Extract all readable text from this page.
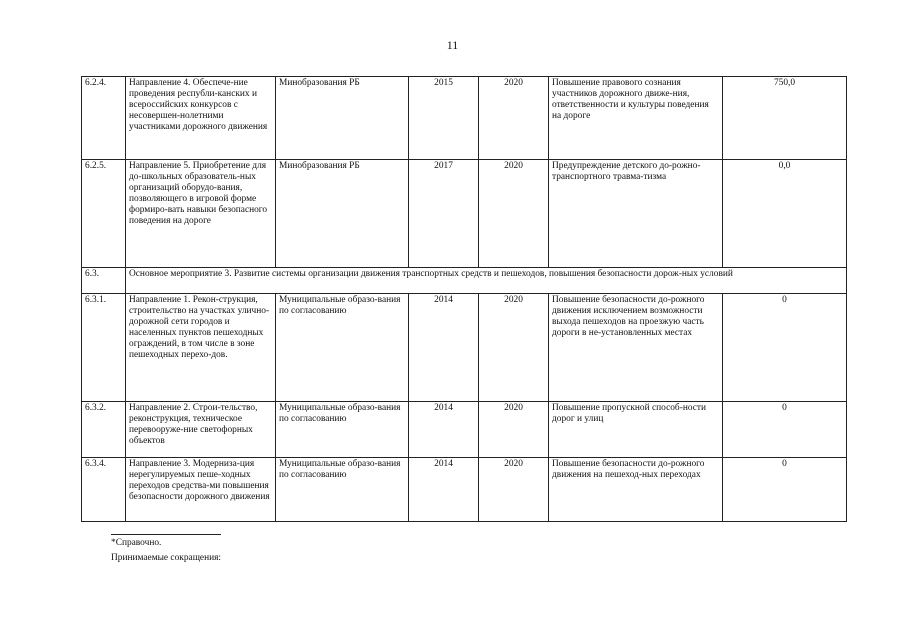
11
6.2.4.	Направление 4. Обеспече-ние проведения республи-канских и всероссийских конкурсов с несовершен-нолетними участниками дорожного движения	Минобразования РБ	2015	2020	Повышение правового сознания участников дорожного движе-ния, ответственности и культуры поведения на дороге	750,0
6.2.5.	Направление 5. Приобретение для до-школьных образователь-ных организаций оборудо-вания, позволяющего в игровой форме формиро-вать навыки безопасного поведения на дороге	Минобразования РБ	2017	2020	Предупреждение детского до-рожно-транспортного травма-тизма	0,0
6.3.	Основное мероприятие 3. Развитие системы организации движения транспортных средств и пешеходов, повышения безопасности дорож-ных условий					
6.3.1.	Направление 1. Рекон-струкция, строительство на участках улично-дорожной сети городов и населенных пунктов пешеходных ограждений, в том числе в зоне пешеходных перехо-дов.	Муниципальные образо-вания по согласованию	2014	2020	Повышение безопасности до-рожного движения исключением возможности выхода пешеходов на проезжую часть дороги в не-установленных местах	0
6.3.2.	Направление 2. Строи-тельство, реконструкция, техническое перевооруже-ние светофорных объектов	Муниципальные образо-вания по согласованию	2014	2020	Повышение пропускной способ-ности дорог и улиц	0
6.3.4.	Направление 3. Модерниза-ция нерегулируемых пеше-ходных переходов средства-ми повышения безопасности дорожного движения	Муниципальные образо-вания по согласованию	2014	2020	Повышение безопасности до-рожного движения на пешеход-ных переходах	0
*Справочно.
Принимаемые сокращения:
